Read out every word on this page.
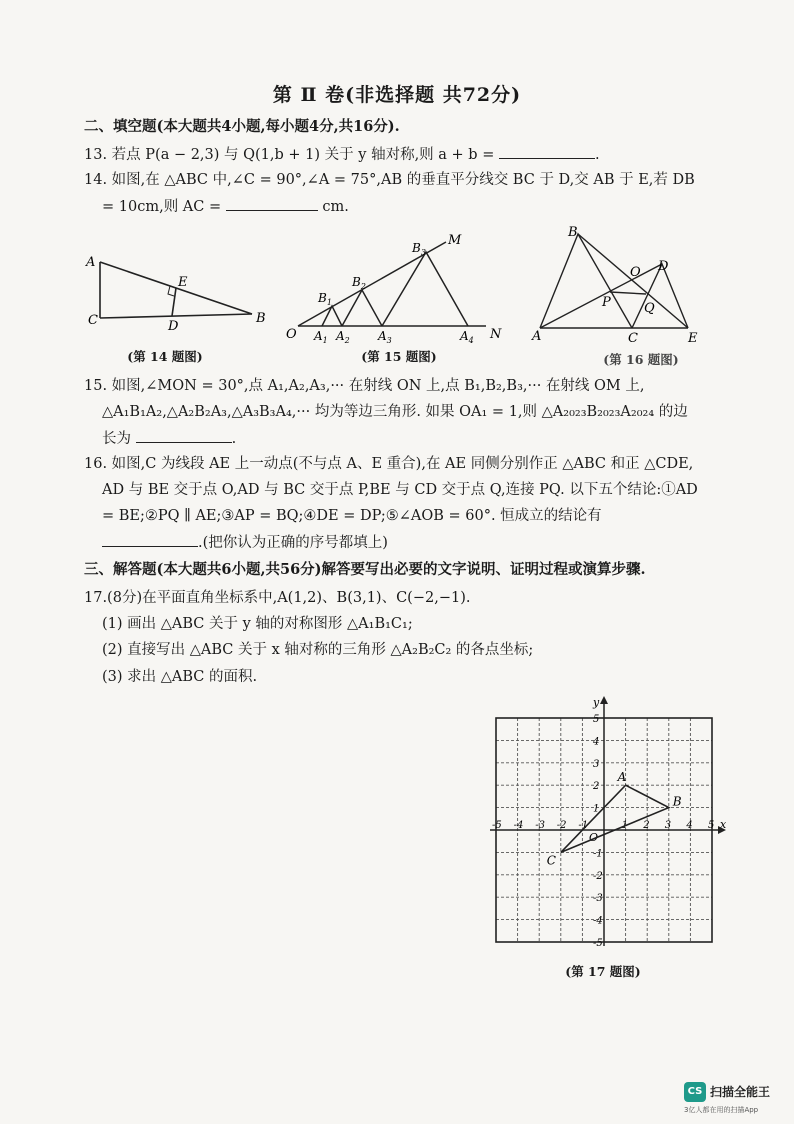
第 Ⅱ 卷(非选择题 共72分)
二、填空题(本大题共4小题,每小题4分,共16分).
13. 若点 P(a − 2,3) 与 Q(1,b + 1) 关于 y 轴对称,则 a + b =	.
14. 如图,在 △ABC 中,∠C = 90°,∠A = 75°,AB 的垂直平分线交 BC 于 D,交 AB 于 E,若 DB
= 10cm,则 AC =	cm.
A
C	B
E
D
(第 14 题图)
O
M
N
$A_1$ $A_2$ $A_3$	$A_4$
$B_1$
$B_2$
$B_3$
(第 15 题图)
B
A	C	E
D
O
P	Q
(第 16 题图)
15. 如图,∠MON = 30°,点 A₁,A₂,A₃,··· 在射线 ON 上,点 B₁,B₂,B₃,··· 在射线 OM 上,
△A₁B₁A₂,△A₂B₂A₃,△A₃B₃A₄,··· 均为等边三角形. 如果 OA₁ = 1,则 △A₂₀₂₃B₂₀₂₃A₂₀₂₄ 的边
长为	.
16. 如图,C 为线段 AE 上一动点(不与点 A、E 重合),在 AE 同侧分别作正 △ABC 和正 △CDE,
AD 与 BE 交于点 O,AD 与 BC 交于点 P,BE 与 CD 交于点 Q,连接 PQ. 以下五个结论:①AD
= BE;②PQ ∥ AE;③AP = BQ;④DE = DP;⑤∠AOB = 60°. 恒成立的结论有
.(把你认为正确的序号都填上)
三、解答题(本大题共6小题,共56分)解答要写出必要的文字说明、证明过程或演算步骤.
17.(8分)在平面直角坐标系中,A(1,2)、B(3,1)、C(−2,−1).
(1) 画出 △ABC 关于 y 轴的对称图形 △A₁B₁C₁;
(2) 直接写出 △ABC 关于 x 轴对称的三角形 △A₂B₂C₂ 的各点坐标;
(3) 求出 △ABC 的面积.
x
y
O
-5 -4 -3 -2 -1	1 2 3 4 5
5
4
3
2
1
-1
-2
-3
-4
-5
A
B
C
(第 17 题图)
CS 扫描全能王
3亿人都在用的扫描App
